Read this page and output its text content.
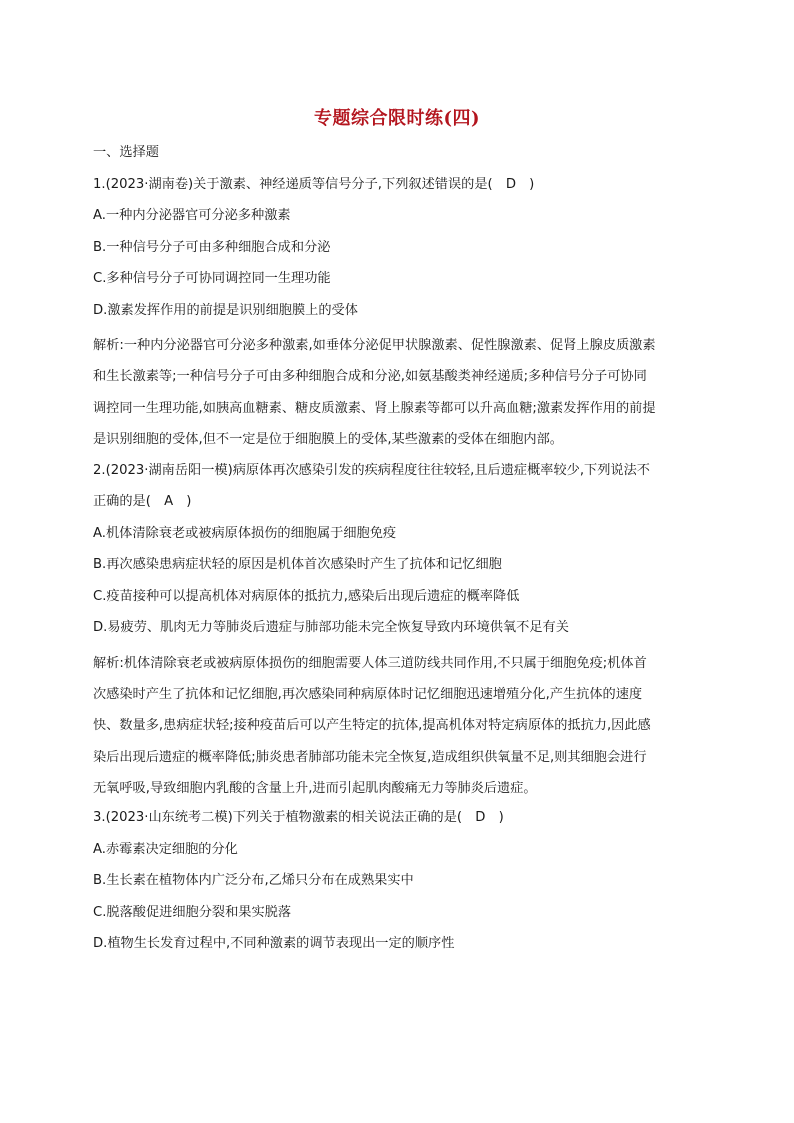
专题综合限时练(四)
一、选择题
1.(2023·湖南卷)关于激素、神经递质等信号分子,下列叙述错误的是(　D　)
A.一种内分泌器官可分泌多种激素
B.一种信号分子可由多种细胞合成和分泌
C.多种信号分子可协同调控同一生理功能
D.激素发挥作用的前提是识别细胞膜上的受体
解析:一种内分泌器官可分泌多种激素,如垂体分泌促甲状腺激素、促性腺激素、促肾上腺皮质激素
和生长激素等;一种信号分子可由多种细胞合成和分泌,如氨基酸类神经递质;多种信号分子可协同
调控同一生理功能,如胰高血糖素、糖皮质激素、肾上腺素等都可以升高血糖;激素发挥作用的前提
是识别细胞的受体,但不一定是位于细胞膜上的受体,某些激素的受体在细胞内部。
2.(2023·湖南岳阳一模)病原体再次感染引发的疾病程度往往较轻,且后遗症概率较少,下列说法不
正确的是(　A　)
A.机体清除衰老或被病原体损伤的细胞属于细胞免疫
B.再次感染患病症状轻的原因是机体首次感染时产生了抗体和记忆细胞
C.疫苗接种可以提高机体对病原体的抵抗力,感染后出现后遗症的概率降低
D.易疲劳、肌肉无力等肺炎后遗症与肺部功能未完全恢复导致内环境供氧不足有关
解析:机体清除衰老或被病原体损伤的细胞需要人体三道防线共同作用,不只属于细胞免疫;机体首
次感染时产生了抗体和记忆细胞,再次感染同种病原体时记忆细胞迅速增殖分化,产生抗体的速度
快、数量多,患病症状轻;接种疫苗后可以产生特定的抗体,提高机体对特定病原体的抵抗力,因此感
染后出现后遗症的概率降低;肺炎患者肺部功能未完全恢复,造成组织供氧量不足,则其细胞会进行
无氧呼吸,导致细胞内乳酸的含量上升,进而引起肌肉酸痛无力等肺炎后遗症。
3.(2023·山东统考二模)下列关于植物激素的相关说法正确的是(　D　)
A.赤霉素决定细胞的分化
B.生长素在植物体内广泛分布,乙烯只分布在成熟果实中
C.脱落酸促进细胞分裂和果实脱落
D.植物生长发育过程中,不同种激素的调节表现出一定的顺序性
